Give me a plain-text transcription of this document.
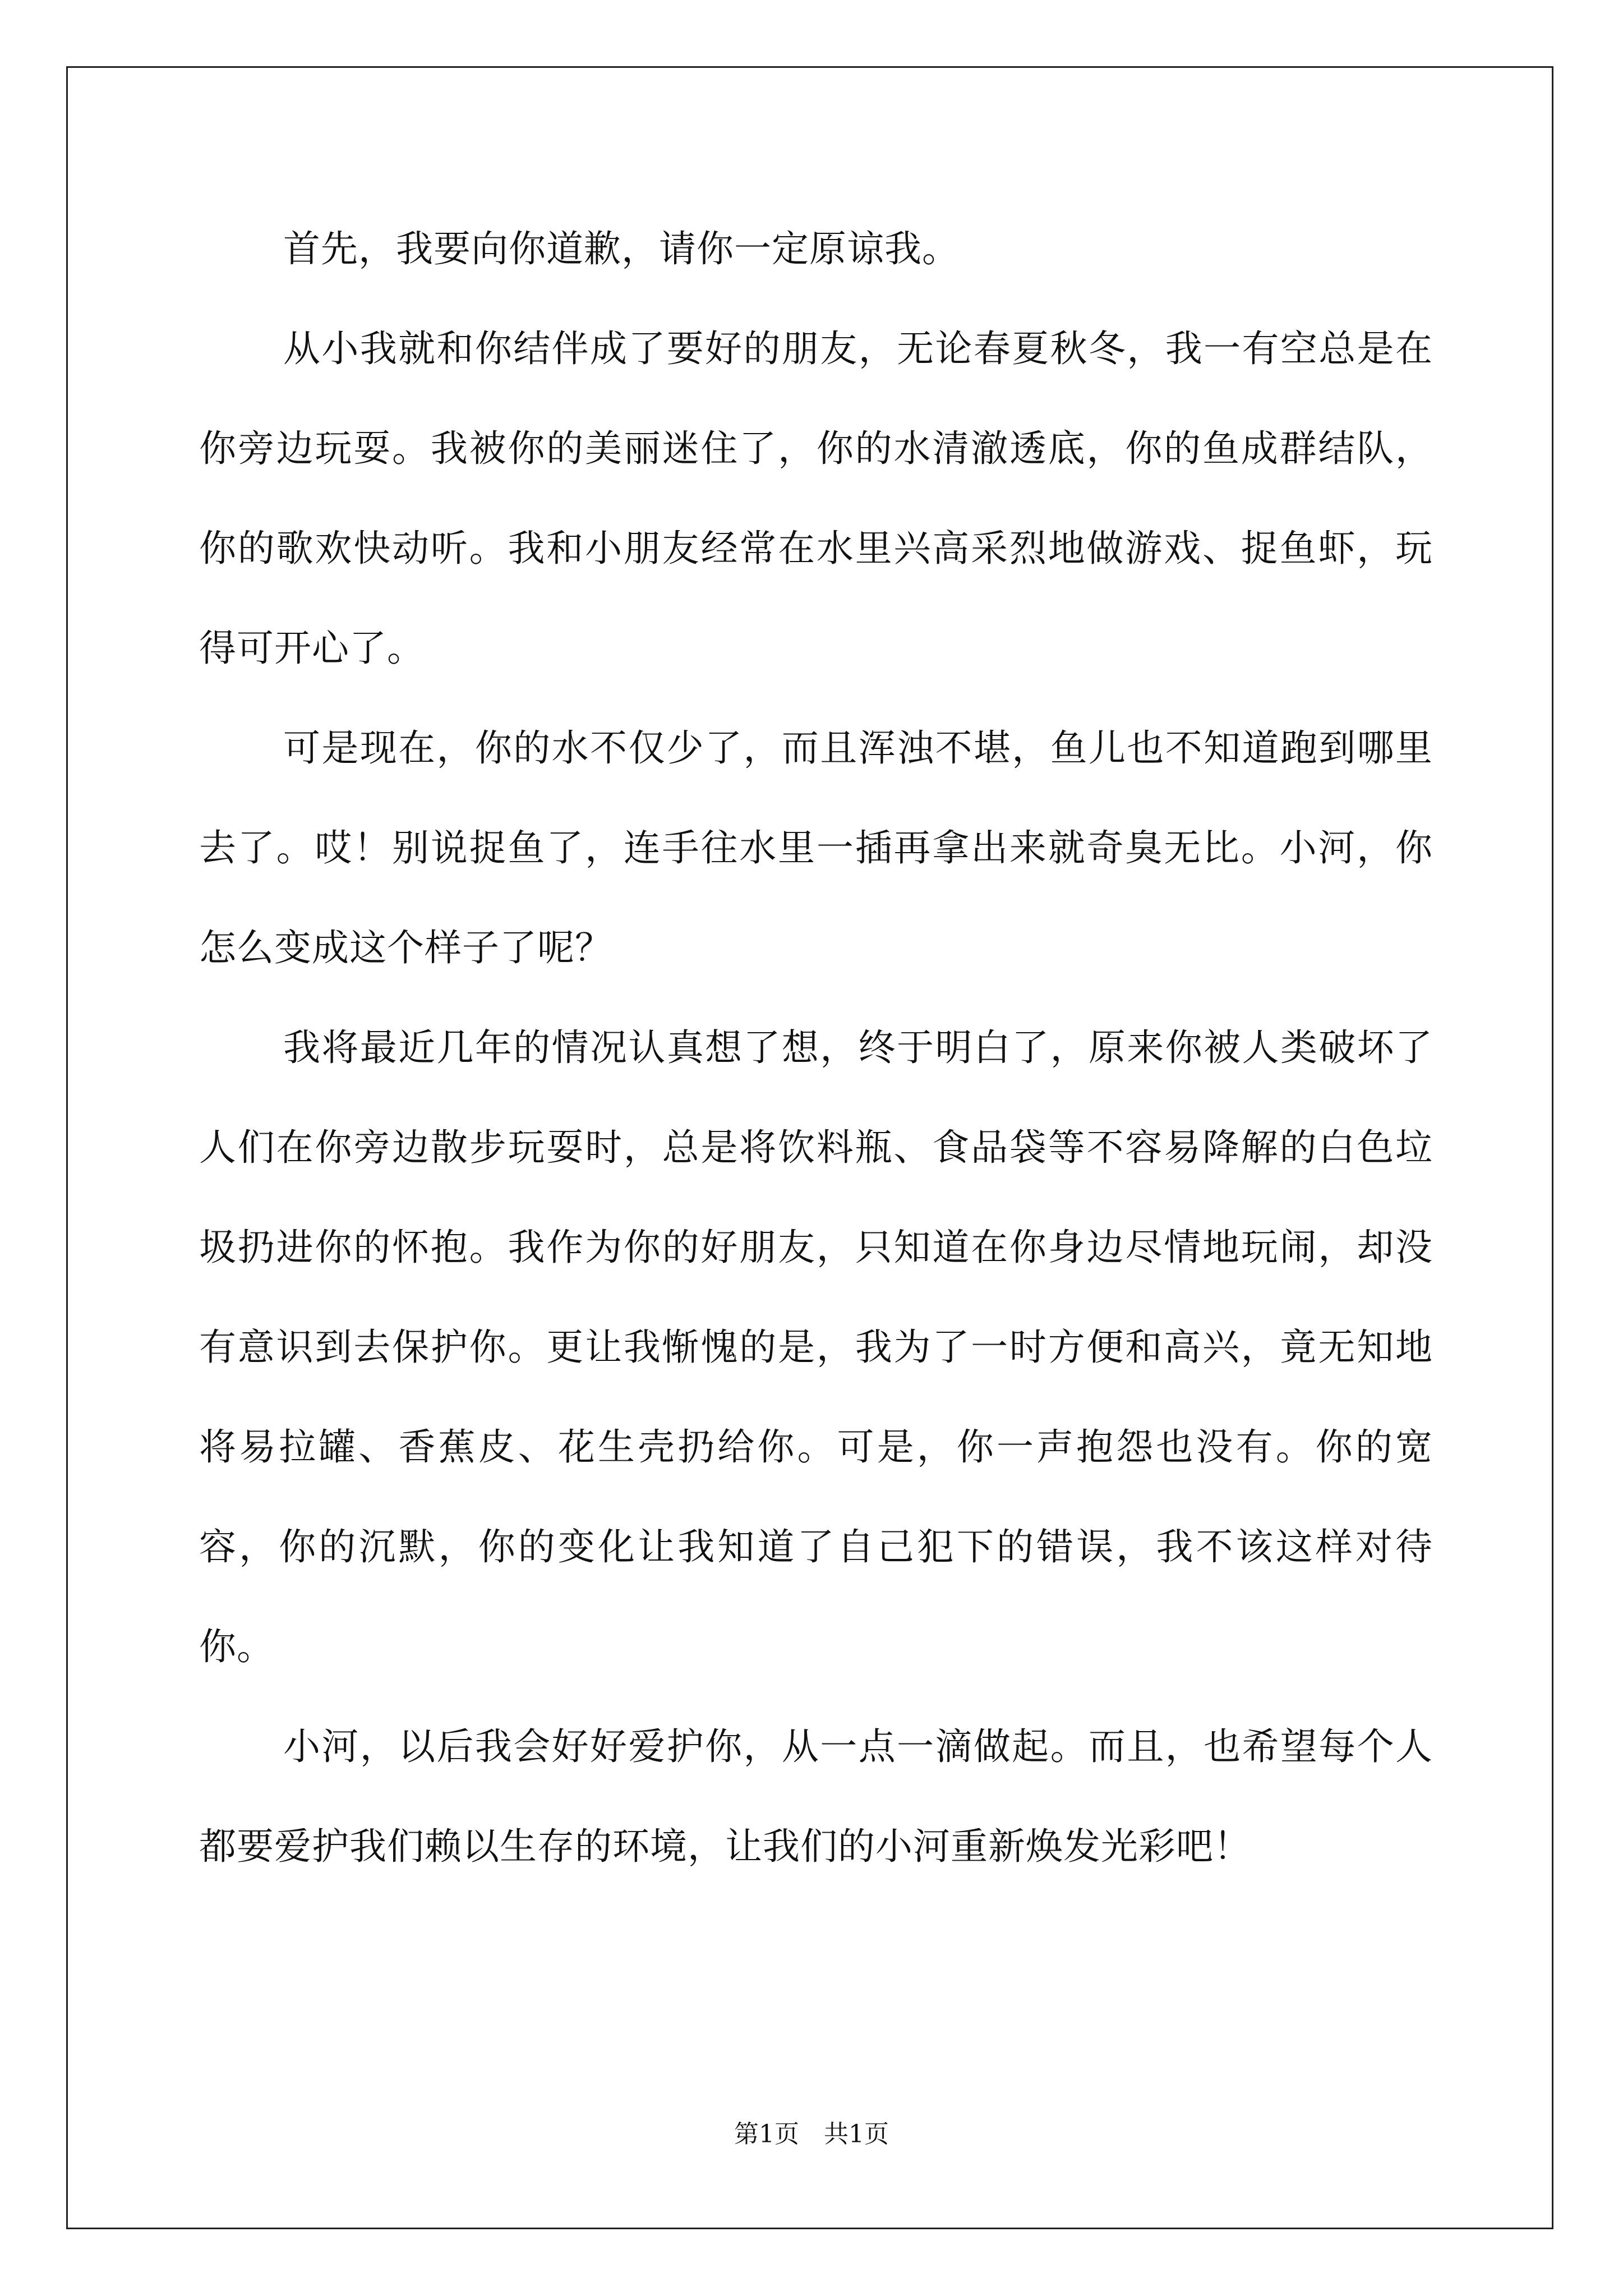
首先，我要向你道歉，请你一定原谅我。

从小我就和你结伴成了要好的朋友，无论春夏秋冬，我一有空总是在你旁边玩耍。我被你的美丽迷住了，你的水清澈透底，你的鱼成群结队，你的歌欢快动听。我和小朋友经常在水里兴高采烈地做游戏、捉鱼虾，玩得可开心了。

可是现在，你的水不仅少了，而且浑浊不堪，鱼儿也不知道跑到哪里去了。哎！别说捉鱼了，连手往水里一插再拿出来就奇臭无比。小河，你怎么变成这个样子了呢？

我将最近几年的情况认真想了想，终于明白了，原来你被人类破坏了人们在你旁边散步玩耍时，总是将饮料瓶、食品袋等不容易降解的白色垃圾扔进你的怀抱。我作为你的好朋友，只知道在你身边尽情地玩闹，却没有意识到去保护你。更让我惭愧的是，我为了一时方便和高兴，竟无知地将易拉罐、香蕉皮、花生壳扔给你。可是，你一声抱怨也没有。你的宽容，你的沉默，你的变化让我知道了自己犯下的错误，我不该这样对待你。

小河，以后我会好好爱护你，从一点一滴做起。而且，也希望每个人都要爱护我们赖以生存的环境，让我们的小河重新焕发光彩吧！

第1页　共1页
